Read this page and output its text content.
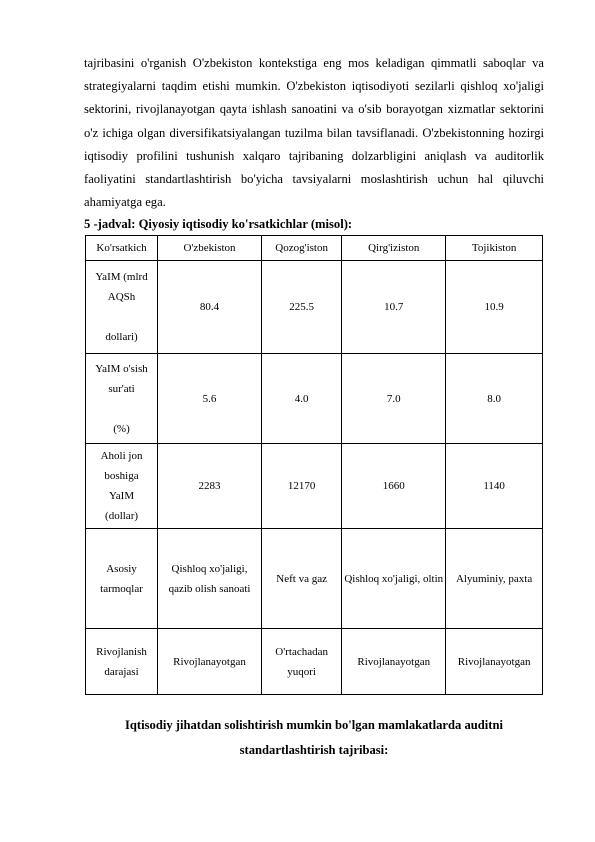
tajribasini o'rganish O'zbekiston kontekstiga eng mos keladigan qimmatli saboqlar va strategiyalarni taqdim etishi mumkin. O'zbekiston iqtisodiyoti sezilarli qishloq xo'jaligi sektorini, rivojlanayotgan qayta ishlash sanoatini va o'sib borayotgan xizmatlar sektorini o'z ichiga olgan diversifikatsiyalangan tuzilma bilan tavsiflanadi. O'zbekistonning hozirgi iqtisodiy profilini tushunish xalqaro tajribaning dolzarbligini aniqlash va auditorlik faoliyatini standartlashtirish bo'yicha tavsiyalarni moslashtirish uchun hal qiluvchi ahamiyatga ega.

5 -jadval: Qiyosiy iqtisodiy ko'rsatkichlar (misol):

Ko'rsatkich	O'zbekiston	Qozog'iston	Qirg'iziston	Tojikiston

YaIM (mlrd
AQSh
dollari)	80.4	225.5	10.7	10.9

YaIM o'sish
sur'ati
(%)	5.6	4.0	7.0	8.0

Aholi jon
boshiga
YaIM
(dollar)	2283	12170	1660	1140

Asosiy
tarmoqlar	Qishloq xo'jaligi, qazib olish sanoati	Neft va gaz	Qishloq xo'jaligi, oltin	Alyuminiy, paxta

Rivojlanish
darajasi	Rivojlanayotgan	O'rtachadan yuqori	Rivojlanayotgan	Rivojlanayotgan

Iqtisodiy jihatdan solishtirish mumkin bo'lgan mamlakatlarda auditni standartlashtirish tajribasi:
